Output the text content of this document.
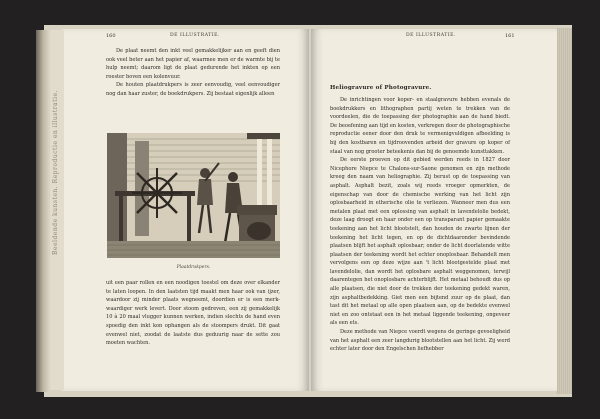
Beeldende kunsten. Reproductie en illustratie.
160	DE ILLUSTRATIE.

De plaat neemt den inkt veel gemakkelijker aan en geeft dien ook veel beter aan het papier af, waarmee men er de warmte bij te hulp neemt; daarom ligt de plaat gedurende het inkten op een roester boven een kolenvuur.

De houten plaatdrukpers is zeer eenvoudig, veel eenvoudiger nog dan haar zuster, de boekdrukpers. Zij bestaat eigenlijk alleen

Plaatdrukpers.

uit een paar rollen en een noodigen toestel om deze over elkander te laten loopen. In den laatsten tijd maakt men haar ook van ijzer, waardoor zij minder plaats wegneemt, doordien er is een merk-waardiger werk levert. Door stoom gedreven, een zij gemakkelijk 10 à 20 maal vlugger kunnen werken, indien slechts de hand even spoedig den inkt kon ophangen als de stoompers drukt. Dit gaat evenwel niet, zoodat de laatste dus geduurig naar de sette zou moeten wachten.

DE ILLUSTRATIE.	161
Heliogravure of Photogravure.

De inrichtingen voor koper- en staalgravure hebben evenals de boekdrukkers en lithographen partij weten te trekken van de voordeelen, die de toepassing der photographie aan de hand biedt. De beoefening aan tijd en kosten, verkregen door de photographische reproductie eener door den druk te vermenigvuldigen afbeelding is bij den kostbaren en tijdroovenden arbeid der gravure op koper of staal van nog grooter beteekenis dan bij de genoemde kunsttakken.

De eerste proeven op dit gebied werden reeds in 1827 door Nicephore Niepce te Chalons-sur-Saone genomen en zijn methode kreeg den naam van heliographie. Zij berust op de toepassing van asphalt. Asphalt bezit, zoals wij reeds vroeger opmerkten, de eigenschap van door de chemische werking van het licht zijn oplosbaarheid in etherische olie te verliezen. Wanneer men dus een metalen plaat met een oplossing van asphalt in lavendelolie bedekt, deze laag droogt en haar onder een op transparant papier gemaakte teekening aan het licht blootstelt, dan houden de zwarte lijnen der teekening het licht tegen, en op de dichtdaaronder bevindende plaatsen blijft het asphalt oplosbaar; onder de licht doorlatende witte plaatsen der teekening wordt het echter onoplosbaar. Behandelt men vervolgens een op deze wijze aan 't licht blootgestelde plaat met lavendelolie, dan wordt het oplosbare asphalt weggenomen, terwijl daarentegen het onoplosbare achterblijft. Het metaal behoudt dus op alle plaatsen, die niet door de trekken der teekening gedekt waren, zijn asphaltbedekking. Giet men een bijtend zuur op de plaat, dan tast dit het metaal op alle open plaatsen aan, op de bedekte evenwel niet en zoo ontstaat een in het metaal liggende teekening, ongeveer als een ets.

Deze methode van Niepce voerdt wegens de geringe gevoeligheid van het asphalt een zeer langdurig blootstellen aan het licht. Zij werd echter later door den Engelschen liefhebber
